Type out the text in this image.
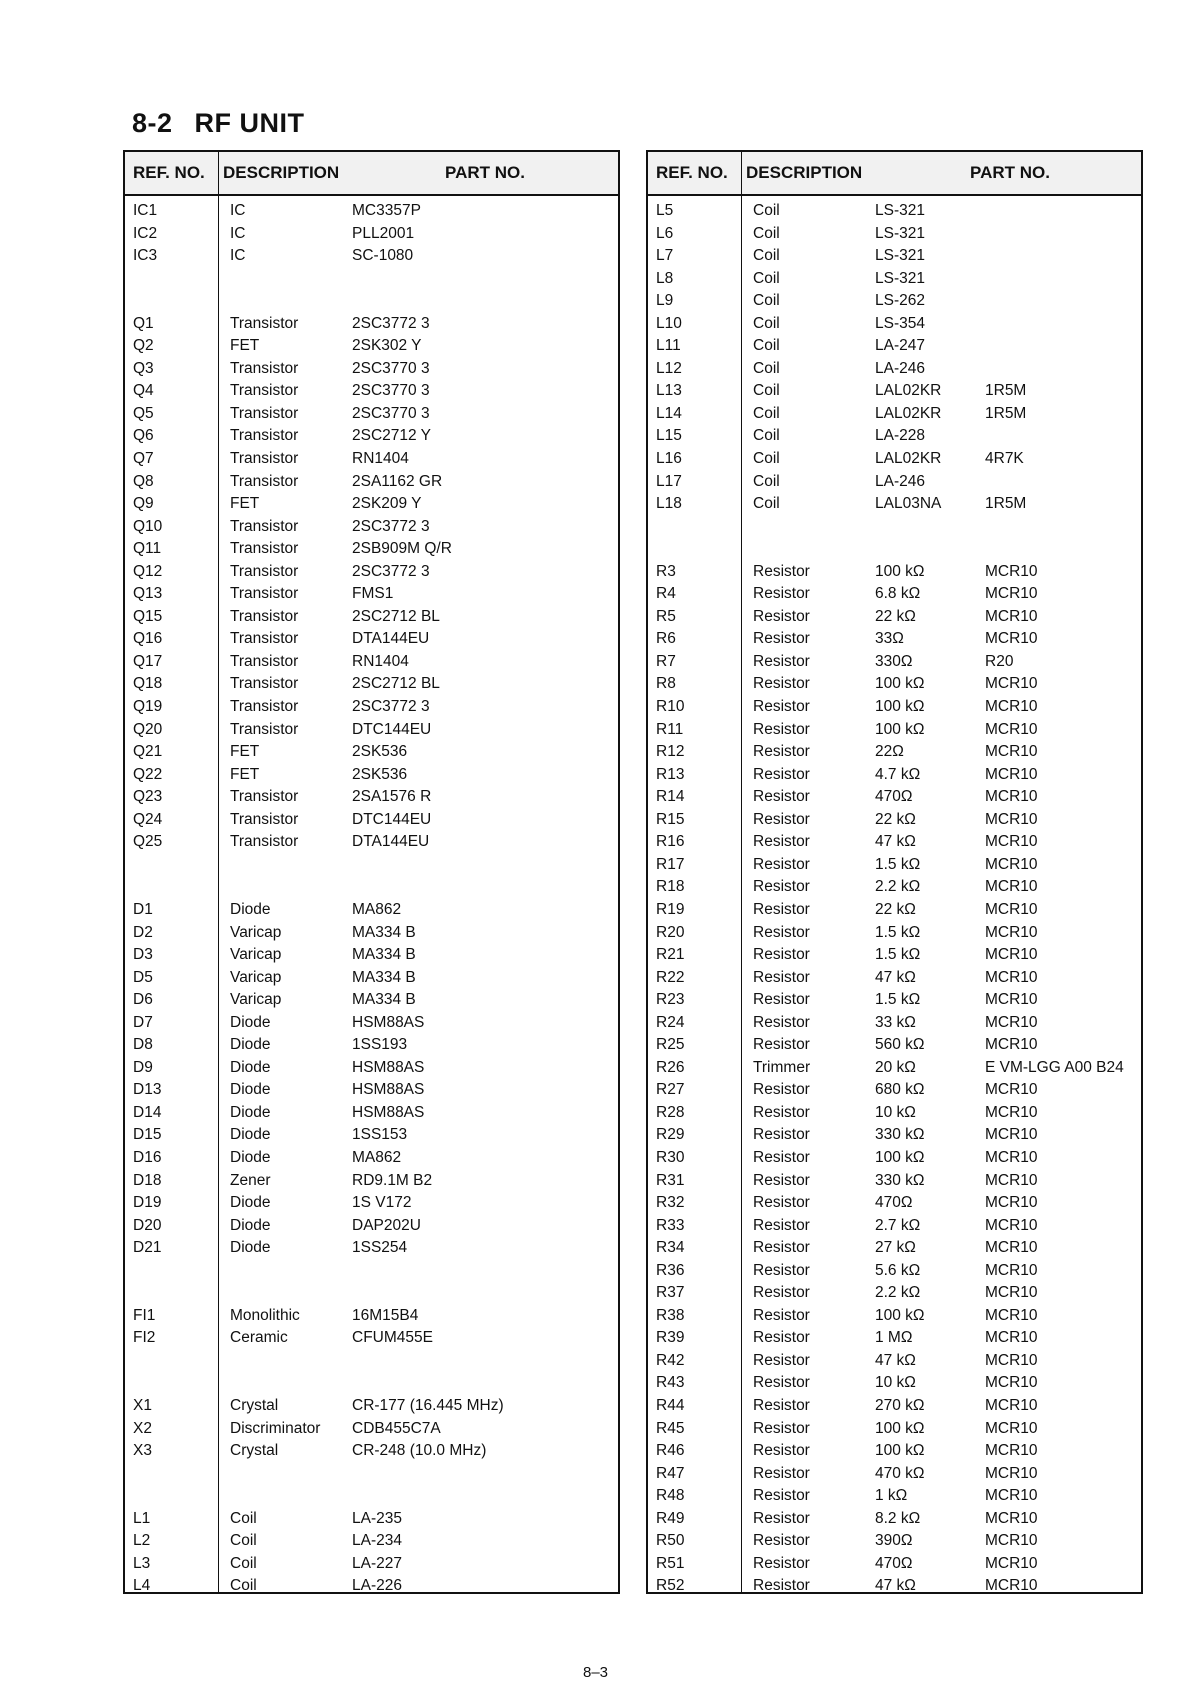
8-2 RF UNIT
REF. NO. DESCRIPTION	PART NO.
IC1	IC	MC3357P
IC2	IC	PLL2001
IC3	IC	SC-1080
Q1	Transistor	2SC3772 3
Q2	FET	2SK302 Y
Q3	Transistor	2SC3770 3
Q4	Transistor	2SC3770 3
Q5	Transistor	2SC3770 3
Q6	Transistor	2SC2712 Y
Q7	Transistor	RN1404
Q8	Transistor	2SA1162 GR
Q9	FET	2SK209 Y
Q10	Transistor	2SC3772 3
Q11	Transistor	2SB909M Q/R
Q12	Transistor	2SC3772 3
Q13	Transistor	FMS1
Q15	Transistor	2SC2712 BL
Q16	Transistor	DTA144EU
Q17	Transistor	RN1404
Q18	Transistor	2SC2712 BL
Q19	Transistor	2SC3772 3
Q20	Transistor	DTC144EU
Q21	FET	2SK536
Q22	FET	2SK536
Q23	Transistor	2SA1576 R
Q24	Transistor	DTC144EU
Q25	Transistor	DTA144EU
D1	Diode	MA862
D2	Varicap	MA334 B
D3	Varicap	MA334 B
D5	Varicap	MA334 B
D6	Varicap	MA334 B
D7	Diode	HSM88AS
D8	Diode	1SS193
D9	Diode	HSM88AS
D13	Diode	HSM88AS
D14	Diode	HSM88AS
D15	Diode	1SS153
D16	Diode	MA862
D18	Zener	RD9.1M B2
D19	Diode	1S V172
D20	Diode	DAP202U
D21	Diode	1SS254
FI1	Monolithic	16M15B4
FI2	Ceramic	CFUM455E
X1	Crystal	CR-177 (16.445 MHz)
X2	Discriminator CDB455C7A
X3	Crystal	CR-248 (10.0 MHz)
L1	Coil	LA-235
L2	Coil	LA-234
L3	Coil	LA-227
L4	Coil	LA-226
REF. NO. DESCRIPTION	PART NO.
L5	Coil	LS-321
L6	Coil	LS-321
L7	Coil	LS-321
L8	Coil	LS-321
L9	Coil	LS-262
L10	Coil	LS-354
L11	Coil	LA-247
L12	Coil	LA-246
L13	Coil	LAL02KR	1R5M
L14	Coil	LAL02KR	1R5M
L15	Coil	LA-228
L16	Coil	LAL02KR	4R7K
L17	Coil	LA-246
L18	Coil	LAL03NA	1R5M
R3	Resistor	100 kΩ	MCR10
R4	Resistor	6.8 kΩ	MCR10
R5	Resistor	22 kΩ	MCR10
R6	Resistor	33Ω	MCR10
R7	Resistor	330Ω	R20
R8	Resistor	100 kΩ	MCR10
R10	Resistor	100 kΩ	MCR10
R11	Resistor	100 kΩ	MCR10
R12	Resistor	22Ω	MCR10
R13	Resistor	4.7 kΩ	MCR10
R14	Resistor	470Ω	MCR10
R15	Resistor	22 kΩ	MCR10
R16	Resistor	47 kΩ	MCR10
R17	Resistor	1.5 kΩ	MCR10
R18	Resistor	2.2 kΩ	MCR10
R19	Resistor	22 kΩ	MCR10
R20	Resistor	1.5 kΩ	MCR10
R21	Resistor	1.5 kΩ	MCR10
R22	Resistor	47 kΩ	MCR10
R23	Resistor	1.5 kΩ	MCR10
R24	Resistor	33 kΩ	MCR10
R25	Resistor	560 kΩ	MCR10
R26	Trimmer	20 kΩ	E VM-LGG A00 B24
R27	Resistor	680 kΩ	MCR10
R28	Resistor	10 kΩ	MCR10
R29	Resistor	330 kΩ	MCR10
R30	Resistor	100 kΩ	MCR10
R31	Resistor	330 kΩ	MCR10
R32	Resistor	470Ω	MCR10
R33	Resistor	2.7 kΩ	MCR10
R34	Resistor	27 kΩ	MCR10
R36	Resistor	5.6 kΩ	MCR10
R37	Resistor	2.2 kΩ	MCR10
R38	Resistor	100 kΩ	MCR10
R39	Resistor	1 MΩ	MCR10
R42	Resistor	47 kΩ	MCR10
R43	Resistor	10 kΩ	MCR10
R44	Resistor	270 kΩ	MCR10
R45	Resistor	100 kΩ	MCR10
R46	Resistor	100 kΩ	MCR10
R47	Resistor	470 kΩ	MCR10
R48	Resistor	1 kΩ	MCR10
R49	Resistor	8.2 kΩ	MCR10
R50	Resistor	390Ω	MCR10
R51	Resistor	470Ω	MCR10
R52	Resistor	47 kΩ	MCR10
8–3
